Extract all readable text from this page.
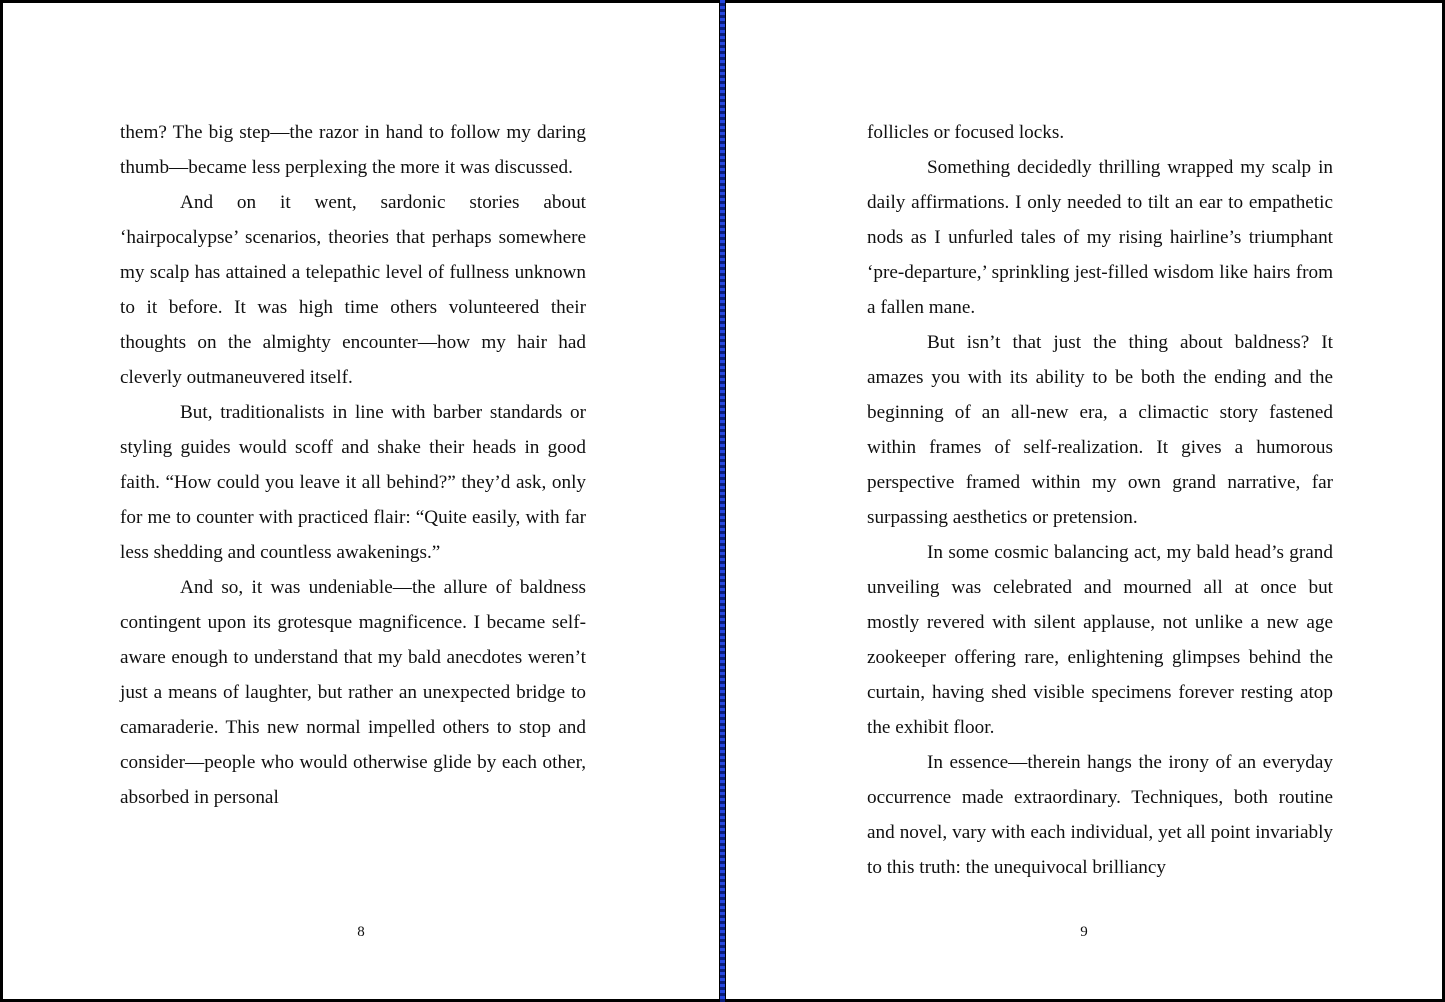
them? The big step—the razor in hand to follow my daring thumb—became less perplexing the more it was discussed.

And on it went, sardonic stories about ‘hairpocalypse’ scenarios, theories that perhaps somewhere my scalp has attained a telepathic level of fullness unknown to it before. It was high time others volunteered their thoughts on the almighty encounter—how my hair had cleverly outmaneuvered itself.

But, traditionalists in line with barber standards or styling guides would scoff and shake their heads in good faith. “How could you leave it all behind?” they’d ask, only for me to counter with practiced flair: “Quite easily, with far less shedding and countless awakenings.”

And so, it was undeniable—the allure of baldness contingent upon its grotesque magnificence. I became self-aware enough to understand that my bald anecdotes weren’t just a means of laughter, but rather an unexpected bridge to camaraderie. This new normal impelled others to stop and consider—people who would otherwise glide by each other, absorbed in personal

8

follicles or focused locks.

Something decidedly thrilling wrapped my scalp in daily affirmations. I only needed to tilt an ear to empathetic nods as I unfurled tales of my rising hairline’s triumphant ‘pre-departure,’ sprinkling jest-filled wisdom like hairs from a fallen mane.

But isn’t that just the thing about baldness? It amazes you with its ability to be both the ending and the beginning of an all-new era, a climactic story fastened within frames of self-realization. It gives a humorous perspective framed within my own grand narrative, far surpassing aesthetics or pretension.

In some cosmic balancing act, my bald head’s grand unveiling was celebrated and mourned all at once but mostly revered with silent applause, not unlike a new age zookeeper offering rare, enlightening glimpses behind the curtain, having shed visible specimens forever resting atop the exhibit floor.

In essence—therein hangs the irony of an everyday occurrence made extraordinary. Techniques, both routine and novel, vary with each individual, yet all point invariably to this truth: the unequivocal brilliancy

9
